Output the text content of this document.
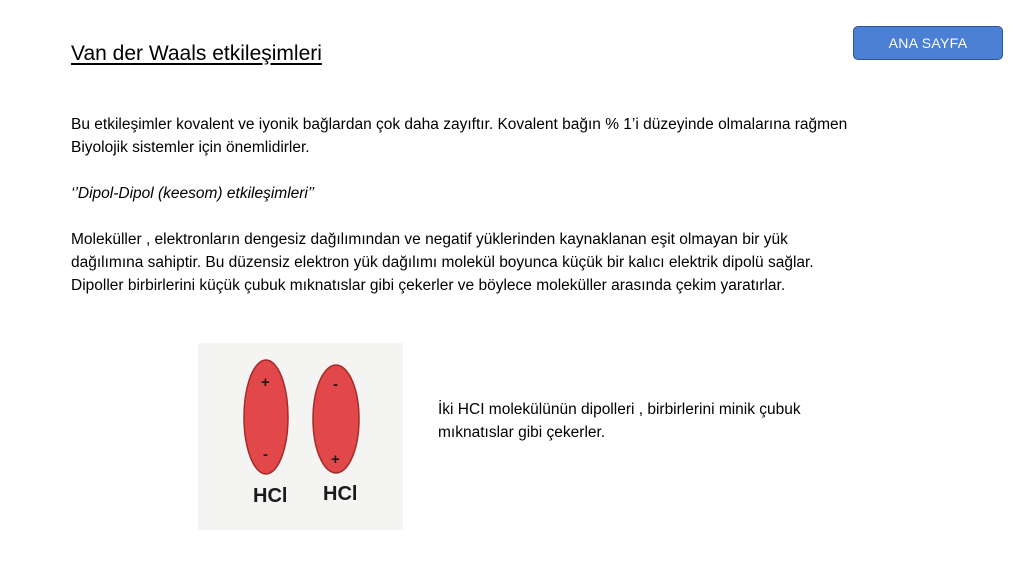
ANA SAYFA
Van der Waals etkileşimleri

Bu etkileşimler kovalent ve iyonik bağlardan çok daha zayıftır. Kovalent bağın % 1’i düzeyinde olmalarına rağmen
Biyolojik sistemler için önemlidirler.

‘’Dipol-Dipol (keesom) etkileşimleri’’

Moleküller , elektronların dengesiz dağılımından ve negatif yüklerinden kaynaklanan eşit olmayan bir yük
dağılımına sahiptir. Bu düzensiz elektron yük dağılımı molekül boyunca küçük bir kalıcı elektrik dipolü sağlar.
Dipoller birbirlerini küçük çubuk mıknatıslar gibi çekerler ve böylece moleküller arasında çekim yaratırlar.

+
-
-
+
HCl HCl

İki HCI molekülünün dipolleri , birbirlerini minik çubuk
mıknatıslar gibi çekerler.
